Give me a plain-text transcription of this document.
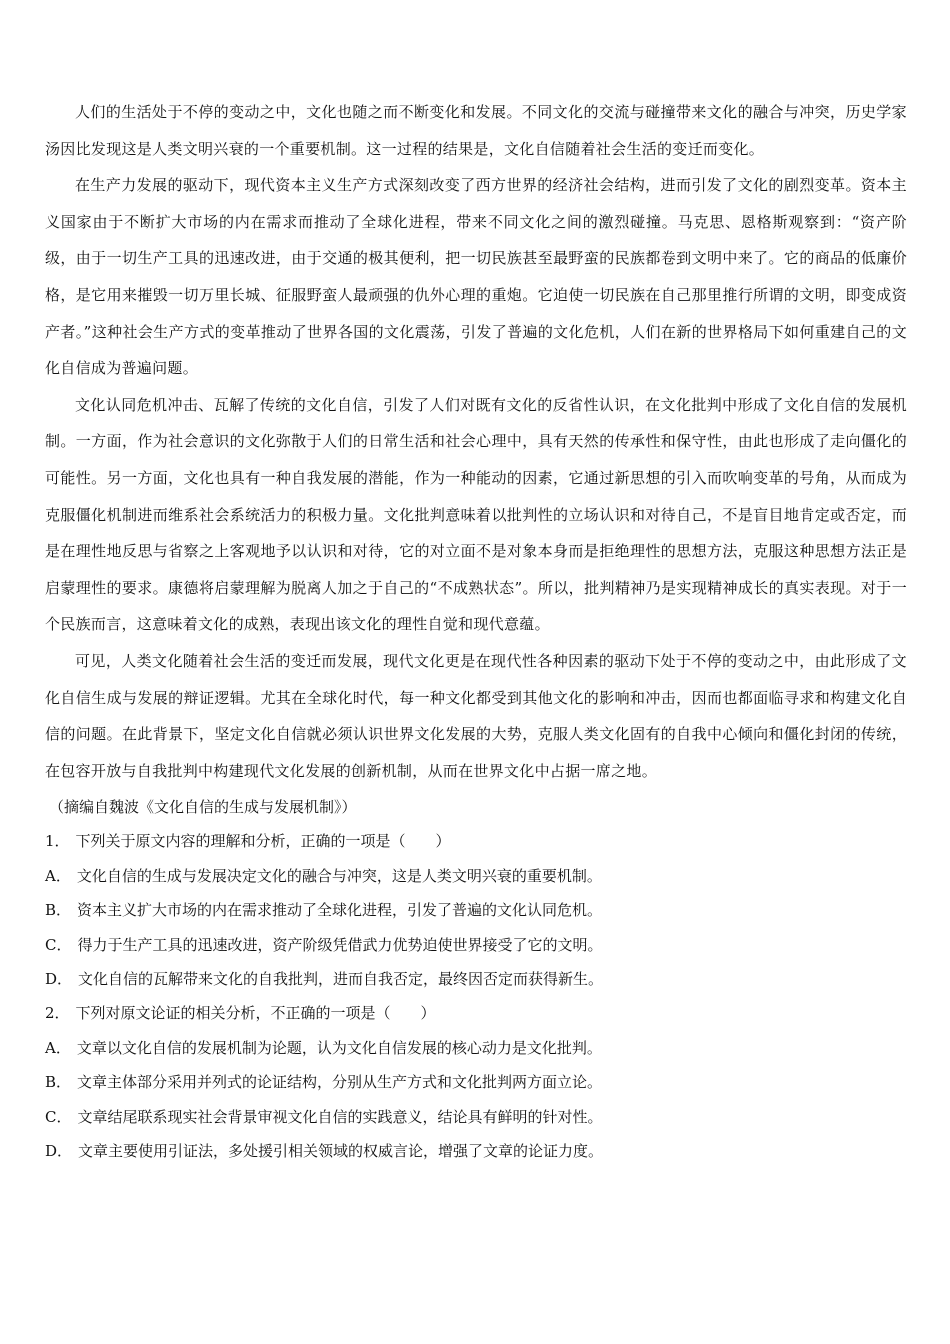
人们的生活处于不停的变动之中，文化也随之而不断变化和发展。不同文化的交流与碰撞带来文化的融合与冲突，历史学家汤因比发现这是人类文明兴衰的一个重要机制。这一过程的结果是，文化自信随着社会生活的变迁而变化。

在生产力发展的驱动下，现代资本主义生产方式深刻改变了西方世界的经济社会结构，进而引发了文化的剧烈变革。资本主义国家由于不断扩大市场的内在需求而推动了全球化进程，带来不同文化之间的激烈碰撞。马克思、恩格斯观察到：“资产阶级，由于一切生产工具的迅速改进，由于交通的极其便利，把一切民族甚至最野蛮的民族都卷到文明中来了。它的商品的低廉价格，是它用来摧毁一切万里长城、征服野蛮人最顽强的仇外心理的重炮。它迫使一切民族在自己那里推行所谓的文明，即变成资产者。”这种社会生产方式的变革推动了世界各国的文化震荡，引发了普遍的文化危机，人们在新的世界格局下如何重建自己的文化自信成为普遍问题。

文化认同危机冲击、瓦解了传统的文化自信，引发了人们对既有文化的反省性认识，在文化批判中形成了文化自信的发展机制。一方面，作为社会意识的文化弥散于人们的日常生活和社会心理中，具有天然的传承性和保守性，由此也形成了走向僵化的可能性。另一方面，文化也具有一种自我发展的潜能，作为一种能动的因素，它通过新思想的引入而吹响变革的号角，从而成为克服僵化机制进而维系社会系统活力的积极力量。文化批判意味着以批判性的立场认识和对待自己，不是盲目地肯定或否定，而是在理性地反思与省察之上客观地予以认识和对待，它的对立面不是对象本身而是拒绝理性的思想方法，克服这种思想方法正是启蒙理性的要求。康德将启蒙理解为脱离人加之于自己的“不成熟状态”。所以，批判精神乃是实现精神成长的真实表现。对于一个民族而言，这意味着文化的成熟，表现出该文化的理性自觉和现代意蕴。

可见，人类文化随着社会生活的变迁而发展，现代文化更是在现代性各种因素的驱动下处于不停的变动之中，由此形成了文化自信生成与发展的辩证逻辑。尤其在全球化时代，每一种文化都受到其他文化的影响和冲击，因而也都面临寻求和构建文化自信的问题。在此背景下，坚定文化自信就必须认识世界文化发展的大势，克服人类文化固有的自我中心倾向和僵化封闭的传统，在包容开放与自我批判中构建现代文化发展的创新机制，从而在世界文化中占据一席之地。

（摘编自魏波《文化自信的生成与发展机制》）

1． 下列关于原文内容的理解和分析，正确的一项是（　　）

A． 文化自信的生成与发展决定文化的融合与冲突，这是人类文明兴衰的重要机制。

B． 资本主义扩大市场的内在需求推动了全球化进程，引发了普遍的文化认同危机。

C． 得力于生产工具的迅速改进，资产阶级凭借武力优势迫使世界接受了它的文明。

D． 文化自信的瓦解带来文化的自我批判，进而自我否定，最终因否定而获得新生。

2． 下列对原文论证的相关分析，不正确的一项是（　　）

A． 文章以文化自信的发展机制为论题，认为文化自信发展的核心动力是文化批判。

B． 文章主体部分采用并列式的论证结构，分别从生产方式和文化批判两方面立论。

C． 文章结尾联系现实社会背景审视文化自信的实践意义，结论具有鲜明的针对性。

D． 文章主要使用引证法，多处援引相关领域的权威言论，增强了文章的论证力度。
